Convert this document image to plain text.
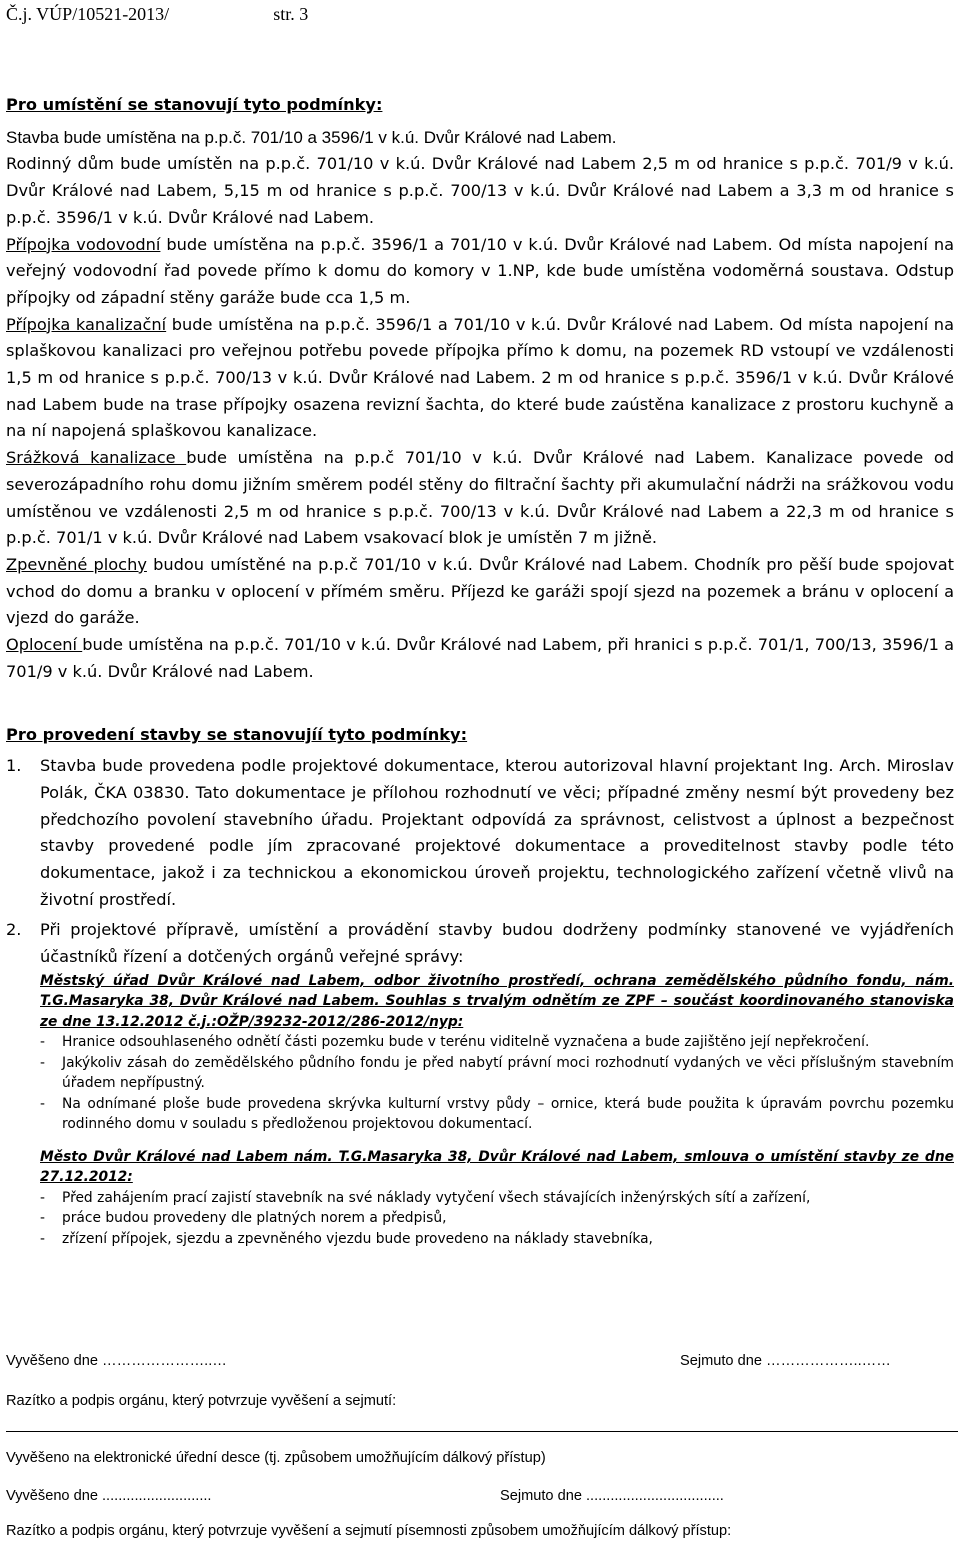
Č.j. VÚP/10521-2013/	str. 3

Pro umístění se stanovují tyto podmínky:

Stavba bude umístěna na p.p.č. 701/10 a 3596/1 v k.ú. Dvůr Králové nad Labem.

Rodinný dům bude umístěn na p.p.č. 701/10 v k.ú. Dvůr Králové nad Labem 2,5 m od hranice s p.p.č. 701/9 v k.ú. Dvůr Králové nad Labem, 5,15 m od hranice s p.p.č. 700/13 v k.ú. Dvůr Králové nad Labem a 3,3 m od hranice s p.p.č. 3596/1 v k.ú. Dvůr Králové nad Labem.

Přípojka vodovodní bude umístěna na p.p.č. 3596/1 a 701/10 v k.ú. Dvůr Králové nad Labem. Od místa napojení na veřejný vodovodní řad povede přímo k domu do komory v 1.NP, kde bude umístěna vodoměrná soustava. Odstup přípojky od západní stěny garáže bude cca 1,5 m.

Přípojka kanalizační bude umístěna na p.p.č. 3596/1 a 701/10 v k.ú. Dvůr Králové nad Labem. Od místa napojení na splaškovou kanalizaci pro veřejnou potřebu povede přípojka přímo k domu, na pozemek RD vstoupí ve vzdálenosti 1,5 m od hranice s p.p.č. 700/13 v k.ú. Dvůr Králové nad Labem. 2 m od hranice s p.p.č. 3596/1 v k.ú. Dvůr Králové nad Labem bude na trase přípojky osazena revizní šachta, do které bude zaústěna kanalizace z prostoru kuchyně a na ní napojená splaškovou kanalizace.

Srážková kanalizace bude umístěna na p.p.č 701/10 v k.ú. Dvůr Králové nad Labem. Kanalizace povede od severozápadního rohu domu jižním směrem podél stěny do filtrační šachty při akumulační nádrži na srážkovou vodu umístěnou ve vzdálenosti 2,5 m od hranice s p.p.č. 700/13 v k.ú. Dvůr Králové nad Labem a 22,3 m od hranice s p.p.č. 701/1 v k.ú. Dvůr Králové nad Labem vsakovací blok je umístěn 7 m jižně.

Zpevněné plochy budou umístěné na p.p.č 701/10 v k.ú. Dvůr Králové nad Labem. Chodník pro pěší bude spojovat vchod do domu a branku v oplocení v přímém směru. Příjezd ke garáži spojí sjezd na pozemek a bránu v oplocení a vjezd do garáže.

Oplocení bude umístěna na p.p.č. 701/10 v k.ú. Dvůr Králové nad Labem, při hranici s p.p.č. 701/1, 700/13, 3596/1 a 701/9 v k.ú. Dvůr Králové nad Labem.

Pro provedení stavby se stanovujíí tyto podmínky:

1. Stavba bude provedena podle projektové dokumentace, kterou autorizoval hlavní projektant Ing. Arch. Miroslav Polák, ČKA 03830. Tato dokumentace je přílohou rozhodnutí ve věci; případné změny nesmí být provedeny bez předchozího povolení stavebního úřadu. Projektant odpovídá za správnost, celistvost a úplnost a bezpečnost stavby provedené podle jím zpracované projektové dokumentace a proveditelnost stavby podle této dokumentace, jakož i za technickou a ekonomickou úroveň projektu, technologického zařízení včetně vlivů na životní prostředí.
2. Při projektové přípravě, umístění a provádění stavby budou dodrženy podmínky stanovené ve vyjádřeních účastníků řízení a dotčených orgánů veřejné správy:

Městský úřad Dvůr Králové nad Labem, odbor životního prostředí, ochrana zemědělského půdního fondu, nám. T.G.Masaryka 38, Dvůr Králové nad Labem. Souhlas s trvalým odnětím ze ZPF – součást koordinovaného stanoviska ze dne 13.12.2012 č.j.:OŽP/39232-2012/286-2012/nyp:

- Hranice odsouhlaseného odnětí části pozemku bude v terénu viditelně vyznačena a bude zajištěno její nepřekročení.
- Jakýkoliv zásah do zemědělského půdního fondu je před nabytí právní moci rozhodnutí vydaných ve věci příslušným stavebním úřadem nepřípustný.
- Na odnímané ploše bude provedena skrývka kulturní vrstvy půdy – ornice, která bude použita k úpravám povrchu pozemku rodinného domu v souladu s předloženou projektovou dokumentací.

Město Dvůr Králové nad Labem nám. T.G.Masaryka 38, Dvůr Králové nad Labem, smlouva o umístění stavby ze dne 27.12.2012:

- Před zahájením prací zajistí stavebník na své náklady vytyčení všech stávajících inženýrských sítí a zařízení,
- práce budou provedeny dle platných norem a předpisů,
- zřízení přípojek, sjezdu a zpevněného vjezdu bude provedeno na náklady stavebníka,
Vyvěšeno dne …………………..…	Sejmuto dne ………………..……
Razítko a podpis orgánu, který potvrzuje vyvěšení a sejmutí:
Vyvěšeno na elektronické úřední desce (tj. způsobem umožňujícím dálkový přístup)
Vyvěšeno dne ...........................	Sejmuto dne ..................................
Razítko a podpis orgánu, který potvrzuje vyvěšení a sejmutí písemnosti způsobem umožňujícím dálkový přístup:
